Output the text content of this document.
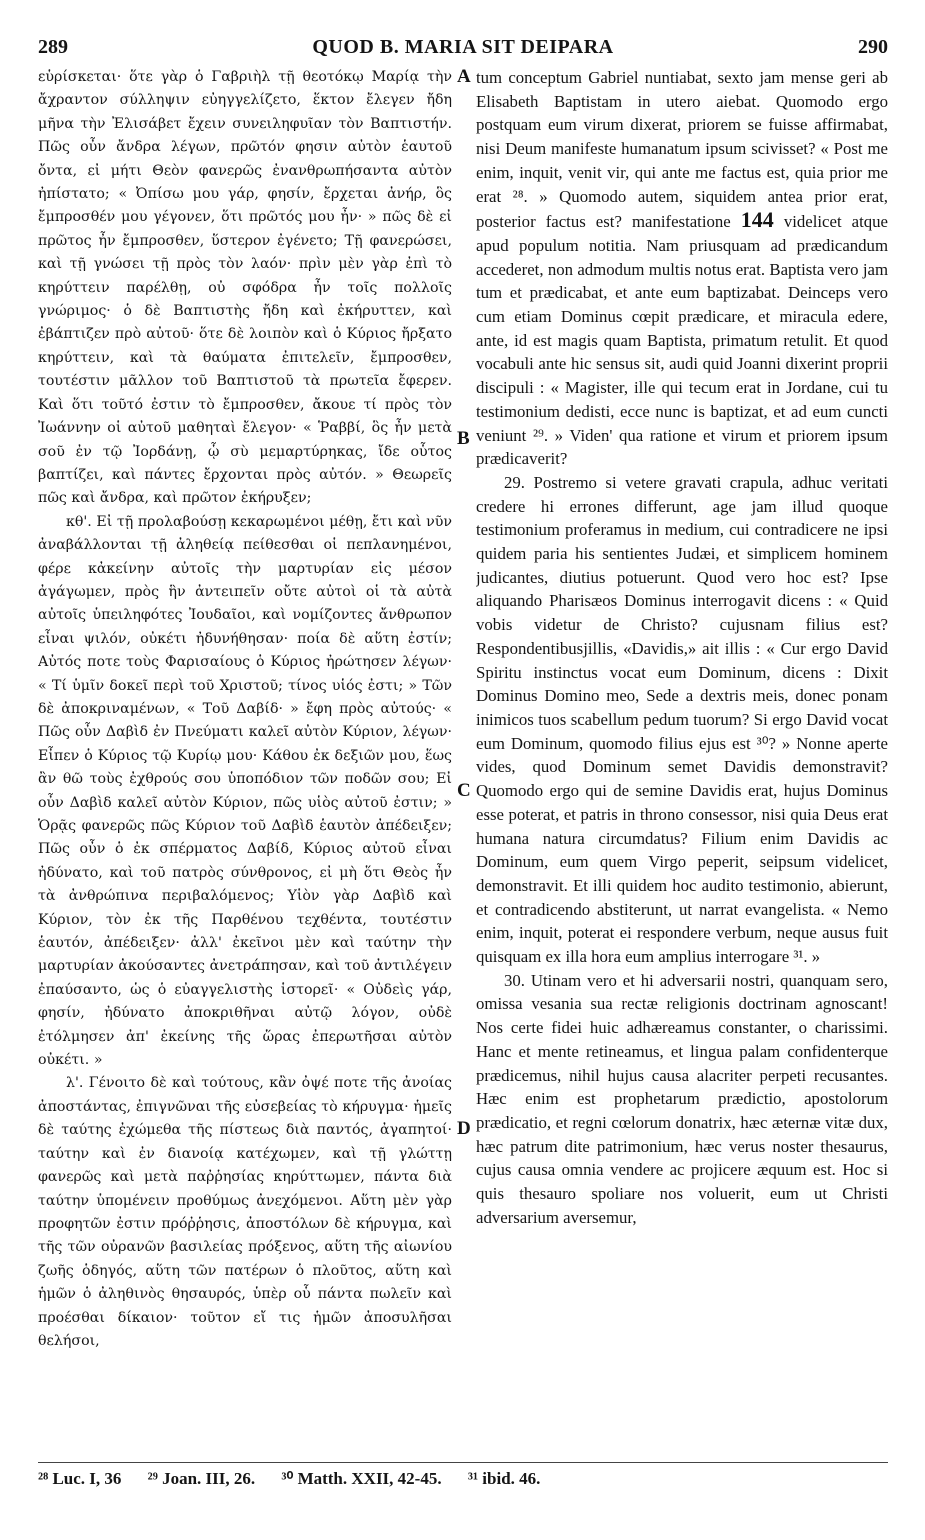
289	QUOD B. MARIA SIT DEIPARA	290

εὑρίσκεται· ὅτε γὰρ ὁ Γαβριὴλ τῇ θεοτόκῳ Μαρίᾳ τὴν ἄχραντον σύλληψιν εὐηγγελίζετο, ἕκτον ἔλεγεν ἤδη μῆνα τὴν Ἐλισάβετ ἔχειν συνειληφυῖαν τὸν Βαπτιστήν. Πῶς οὖν ἄνδρα λέγων, πρῶτόν φησιν αὐτὸν ἑαυτοῦ ὄντα, εἰ μήτι Θεὸν φανερῶς ἐνανθρωπήσαντα αὐτὸν ἠπίστατο; « Ὀπίσω μου γάρ, φησίν, ἔρχεται ἀνήρ, ὃς ἔμπροσθέν μου γέγονεν, ὅτι πρῶτός μου ἦν· » πῶς δὲ εἰ πρῶτος ἦν ἔμπροσθεν, ὕστερον ἐγένετο; Τῇ φανερώσει, καὶ τῇ γνώσει τῇ πρὸς τὸν λαόν· πρὶν μὲν γὰρ ἐπὶ τὸ κηρύττειν παρέλθῃ, οὐ σφόδρα ἦν τοῖς πολλοῖς γνώριμος· ὁ δὲ Βαπτιστὴς ἤδη καὶ ἐκήρυττεν, καὶ ἐβάπτιζεν πρὸ αὐτοῦ· ὅτε δὲ λοιπὸν καὶ ὁ Κύριος ἤρξατο κηρύττειν, καὶ τὰ θαύματα ἐπιτελεῖν, ἔμπροσθεν, τουτέστιν μᾶλλον τοῦ Βαπτιστοῦ τὰ πρωτεῖα ἔφερεν. Καὶ ὅτι τοῦτό ἐστιν τὸ ἔμπροσθεν, ἄκουε τί πρὸς τὸν Ἰωάννην οἱ αὐτοῦ μαθηταὶ ἔλεγον· « Ῥαββί, ὃς ἦν μετὰ σοῦ ἐν τῷ Ἰορδάνῃ, ᾧ σὺ μεμαρτύρηκας, ἴδε οὗτος βαπτίζει, καὶ πάντες ἔρχονται πρὸς αὐτόν. » Θεωρεῖς πῶς καὶ ἄνδρα, καὶ πρῶτον ἐκήρυξεν;

κθ'. Εἰ τῇ προλαβούσῃ κεκαρωμένοι μέθῃ, ἔτι καὶ νῦν ἀναβάλλονται τῇ ἀληθείᾳ πείθεσθαι οἱ πεπλανημένοι, φέρε κἀκείνην αὐτοῖς τὴν μαρτυρίαν εἰς μέσον ἀγάγωμεν, πρὸς ἣν ἀντειπεῖν οὔτε αὐτοὶ οἱ τὰ αὐτὰ αὐτοῖς ὑπειληφότες Ἰουδαῖοι, καὶ νομίζοντες ἄνθρωπον εἶναι ψιλόν, οὐκέτι ἠδυνήθησαν· ποία δὲ αὕτη ἐστίν; Αὐτός ποτε τοὺς Φαρισαίους ὁ Κύριος ἠρώτησεν λέγων· « Τί ὑμῖν δοκεῖ περὶ τοῦ Χριστοῦ; τίνος υἱός ἐστι; » Τῶν δὲ ἀποκριναμένων, « Τοῦ Δαβίδ· » ἔφη πρὸς αὐτούς· « Πῶς οὖν Δαβὶδ ἐν Πνεύματι καλεῖ αὐτὸν Κύριον, λέγων· Εἶπεν ὁ Κύριος τῷ Κυρίῳ μου· Κάθου ἐκ δεξιῶν μου, ἕως ἂν θῶ τοὺς ἐχθρούς σου ὑποπόδιον τῶν ποδῶν σου; Εἰ οὖν Δαβὶδ καλεῖ αὐτὸν Κύριον, πῶς υἱὸς αὐτοῦ ἐστιν; » Ὁρᾷς φανερῶς πῶς Κύριον τοῦ Δαβὶδ ἑαυτὸν ἀπέδειξεν; Πῶς οὖν ὁ ἐκ σπέρματος Δαβίδ, Κύριος αὐτοῦ εἶναι ἠδύνατο, καὶ τοῦ πατρὸς σύνθρονος, εἰ μὴ ὅτι Θεὸς ἦν τὰ ἀνθρώπινα περιβαλόμενος; Υἱὸν γὰρ Δαβὶδ καὶ Κύριον, τὸν ἐκ τῆς Παρθένου τεχθέντα, τουτέστιν ἑαυτόν, ἀπέδειξεν· ἀλλ' ἐκεῖνοι μὲν καὶ ταύτην τὴν μαρτυρίαν ἀκούσαντες ἀνετράπησαν, καὶ τοῦ ἀντιλέγειν ἐπαύσαντο, ὡς ὁ εὐαγγελιστὴς ἱστορεῖ· « Οὐδεὶς γάρ, φησίν, ἠδύνατο ἀποκριθῆναι αὐτῷ λόγον, οὐδὲ ἐτόλμησεν ἀπ' ἐκείνης τῆς ὥρας ἐπερωτῆσαι αὐτὸν οὐκέτι. »

λ'. Γένοιτο δὲ καὶ τούτους, κἂν ὀψέ ποτε τῆς ἀνοίας ἀποστάντας, ἐπιγνῶναι τῆς εὐσεβείας τὸ κήρυγμα· ἡμεῖς δὲ ταύτης ἐχώμεθα τῆς πίστεως διὰ παντός, ἀγαπητοί· ταύτην καὶ ἐν διανοίᾳ κατέχωμεν, καὶ τῇ γλώττῃ φανερῶς καὶ μετὰ παῤῥησίας κηρύττωμεν, πάντα διὰ ταύτην ὑπομένειν προθύμως ἀνεχόμενοι. Αὕτη μὲν γὰρ προφητῶν ἐστιν πρόῤῥησις, ἀποστόλων δὲ κήρυγμα, καὶ τῆς τῶν οὐρανῶν βασιλείας πρόξενος, αὕτη τῆς αἰωνίου ζωῆς ὁδηγός, αὕτη τῶν πατέρων ὁ πλοῦτος, αὕτη καὶ ἡμῶν ὁ ἀληθινὸς θησαυρός, ὑπὲρ οὗ πάντα πωλεῖν καὶ προέσθαι δίκαιον· τοῦτον εἴ τις ἡμῶν ἀποσυλῆσαι θελήσοι,

A
B
C
D

tum conceptum Gabriel nuntiabat, sexto jam mense geri ab Elisabeth Baptistam in utero aiebat. Quomodo ergo postquam eum virum dixerat, priorem se fuisse affirmabat, nisi Deum manifeste humanatum ipsum scivisset? « Post me enim, inquit, venit vir, qui ante me factus est, quia prior me erat ²⁸. » Quomodo autem, siquidem antea prior erat, posterior factus est? manifestatione 144 videlicet atque apud populum notitia. Nam priusquam ad prædicandum accederet, non admodum multis notus erat. Baptista vero jam tum et prædicabat, et ante eum baptizabat. Deinceps vero cum etiam Dominus cœpit prædicare, et miracula edere, ante, id est magis quam Baptista, primatum retulit. Et quod vocabuli ante hic sensus sit, audi quid Joanni dixerint proprii discipuli : « Magister, ille qui tecum erat in Jordane, cui tu testimonium dedisti, ecce nunc is baptizat, et ad eum cuncti veniunt ²⁹. » Viden' qua ratione et virum et priorem ipsum prædicaverit?

29. Postremo si vetere gravati crapula, adhuc veritati credere hi errones differunt, age jam illud quoque testimonium proferamus in medium, cui contradicere ne ipsi quidem paria his sentientes Judæi, et simplicem hominem judicantes, diutius potuerunt. Quod vero hoc est? Ipse aliquando Pharisæos Dominus interrogavit dicens : « Quid vobis videtur de Christo? cujusnam filius est? Respondentibusjillis, «Davidis,» ait illis : « Cur ergo David Spiritu instinctus vocat eum Dominum, dicens : Dixit Dominus Domino meo, Sede a dextris meis, donec ponam inimicos tuos scabellum pedum tuorum? Si ergo David vocat eum Dominum, quomodo filius ejus est ³⁰? » Nonne aperte vides, quod Dominum semet Davidis demonstravit? Quomodo ergo qui de semine Davidis erat, hujus Dominus esse poterat, et patris in throno consessor, nisi quia Deus erat humana natura circumdatus? Filium enim Davidis ac Dominum, eum quem Virgo peperit, seipsum videlicet, demonstravit. Et illi quidem hoc audito testimonio, abierunt, et contradicendo abstiterunt, ut narrat evangelista. « Nemo enim, inquit, poterat ei respondere verbum, neque ausus fuit quisquam ex illa hora eum amplius interrogare ³¹. »

30. Utinam vero et hi adversarii nostri, quanquam sero, omissa vesania sua rectæ religionis doctrinam agnoscant! Nos certe fidei huic adhæreamus constanter, o charissimi. Hanc et mente retineamus, et lingua palam confidenterque prædicemus, nihil hujus causa alacriter perpeti recusantes. Hæc enim est prophetarum prædictio, apostolorum prædicatio, et regni cœlorum donatrix, hæc æternæ vitæ dux, hæc patrum dite patrimonium, hæc verus noster thesaurus, cujus causa omnia vendere ac projicere æquum est. Hoc si quis thesauro spoliare nos voluerit, eum ut Christi adversarium aversemur,

²⁸ Luc. I, 36 ²⁹ Joan. III, 26. ³⁰ Matth. XXII, 42-45. ³¹ ibid. 46.
